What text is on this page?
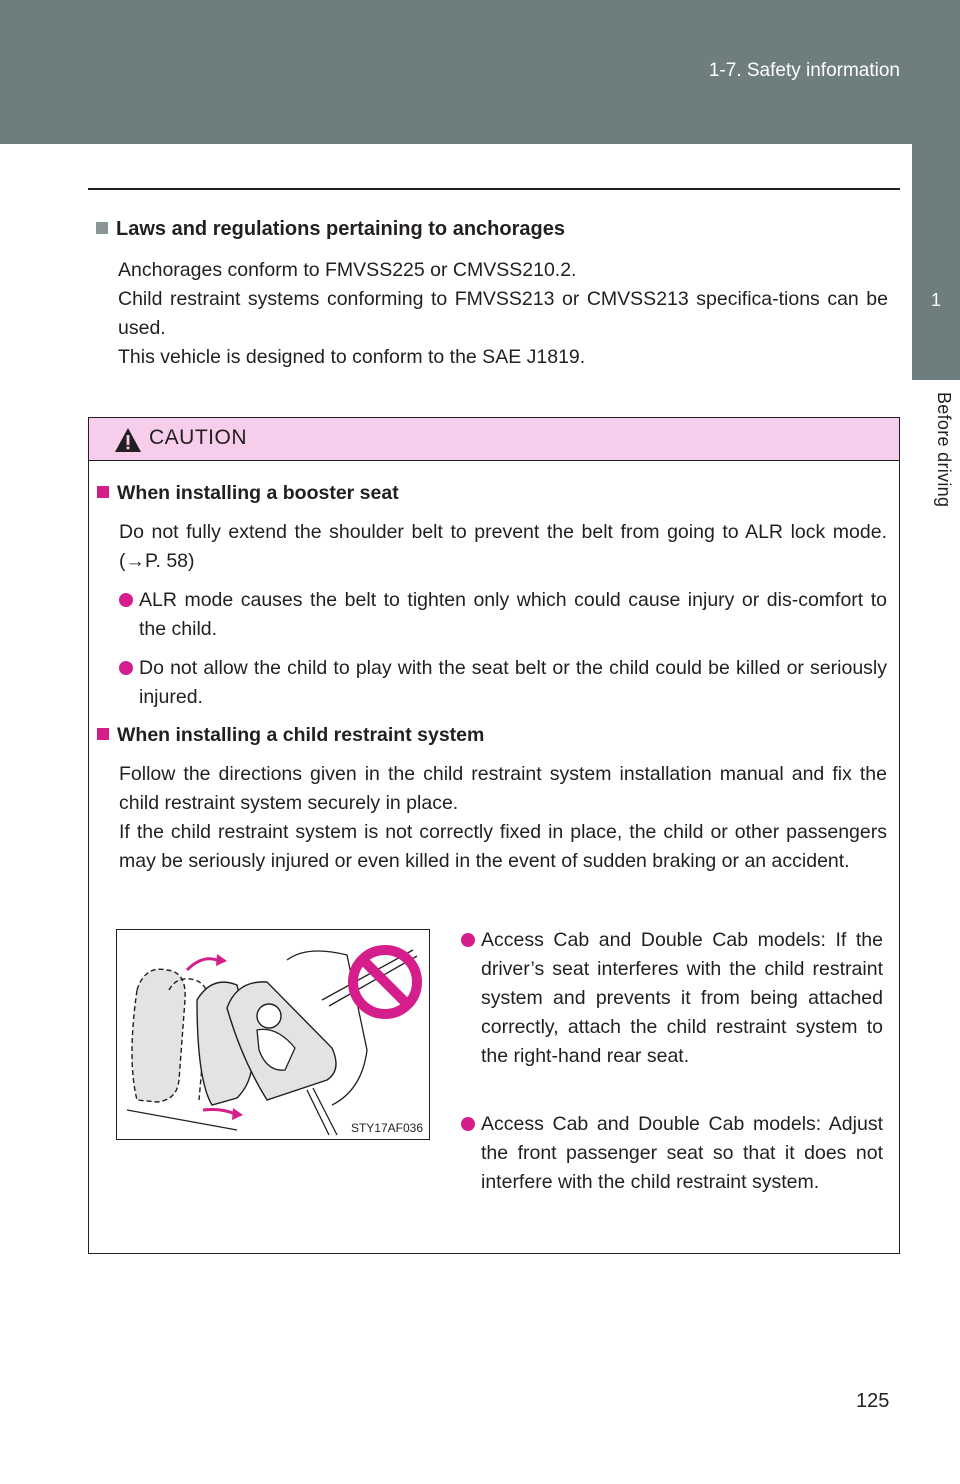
1-7. Safety information
1
Before driving
Laws and regulations pertaining to anchorages

Anchorages conform to FMVSS225 or CMVSS210.2.

Child restraint systems conforming to FMVSS213 or CMVSS213 specifica-tions can be used.

This vehicle is designed to conform to the SAE J1819.

CAUTION
When installing a booster seat
Do not fully extend the shoulder belt to prevent the belt from going to ALR lock mode. (→P. 58)
ALR mode causes the belt to tighten only which could cause injury or dis-comfort to the child.
Do not allow the child to play with the seat belt or the child could be killed or seriously injured.
When installing a child restraint system

Follow the directions given in the child restraint system installation manual and fix the child restraint system securely in place.

If the child restraint system is not correctly fixed in place, the child or other passengers may be seriously injured or even killed in the event of sudden braking or an accident.

STY17AF036
Access Cab and Double Cab models: If the driver’s seat interferes with the child restraint system and prevents it from being attached correctly, attach the child restraint system to the right-hand rear seat.
Access Cab and Double Cab models: Adjust the front passenger seat so that it does not interfere with the child restraint system.
125
